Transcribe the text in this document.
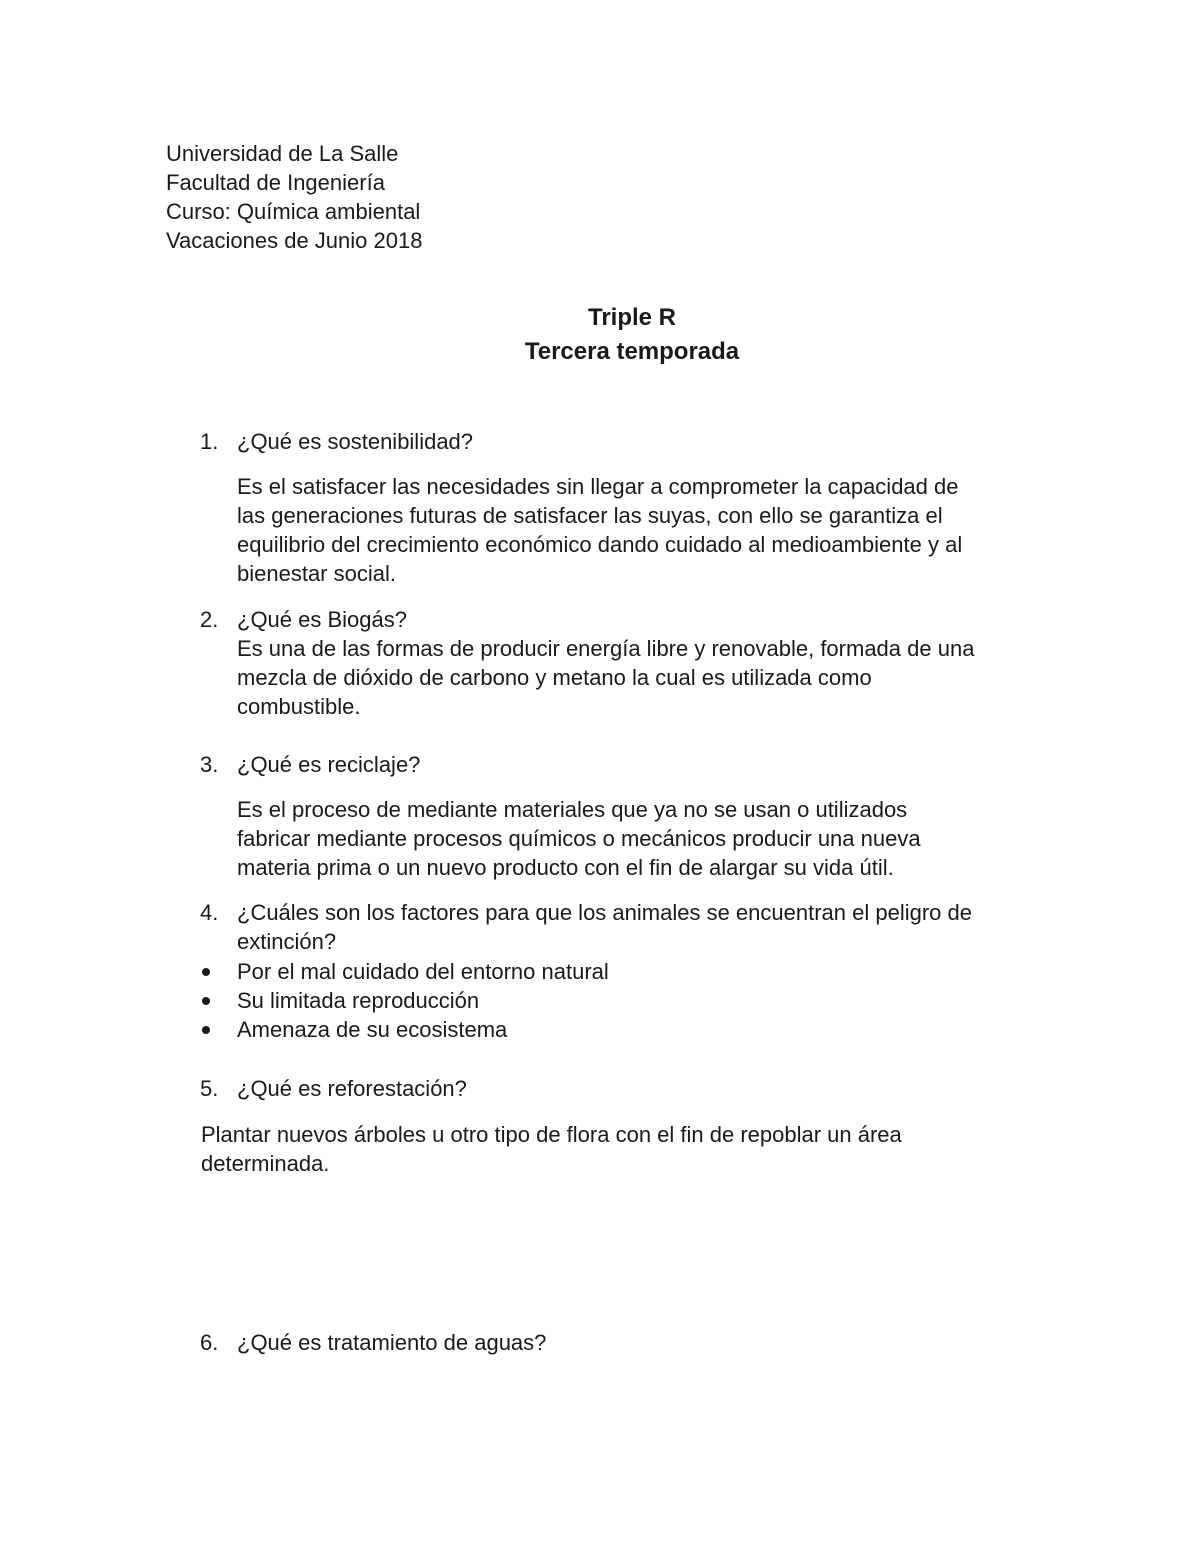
Universidad de La Salle
Facultad de Ingeniería
Curso: Química ambiental
Vacaciones de Junio 2018
Triple R
Tercera temporada
1. ¿Qué es sostenibilidad?
Es el satisfacer las necesidades sin llegar a comprometer la capacidad de
las generaciones futuras de satisfacer las suyas, con ello se garantiza el
equilibrio del crecimiento económico dando cuidado al medioambiente y al
bienestar social.
2. ¿Qué es Biogás?
Es una de las formas de producir energía libre y renovable, formada de una
mezcla de dióxido de carbono y metano la cual es utilizada como
combustible.
3. ¿Qué es reciclaje?
Es el proceso de mediante materiales que ya no se usan o utilizados
fabricar mediante procesos químicos o mecánicos producir una nueva
materia prima o un nuevo producto con el fin de alargar su vida útil.
4. ¿Cuáles son los factores para que los animales se encuentran el peligro de
extinción?
Por el mal cuidado del entorno natural
Su limitada reproducción
Amenaza de su ecosistema
5. ¿Qué es reforestación?
Plantar nuevos árboles u otro tipo de flora con el fin de repoblar un área
determinada.
6. ¿Qué es tratamiento de aguas?
